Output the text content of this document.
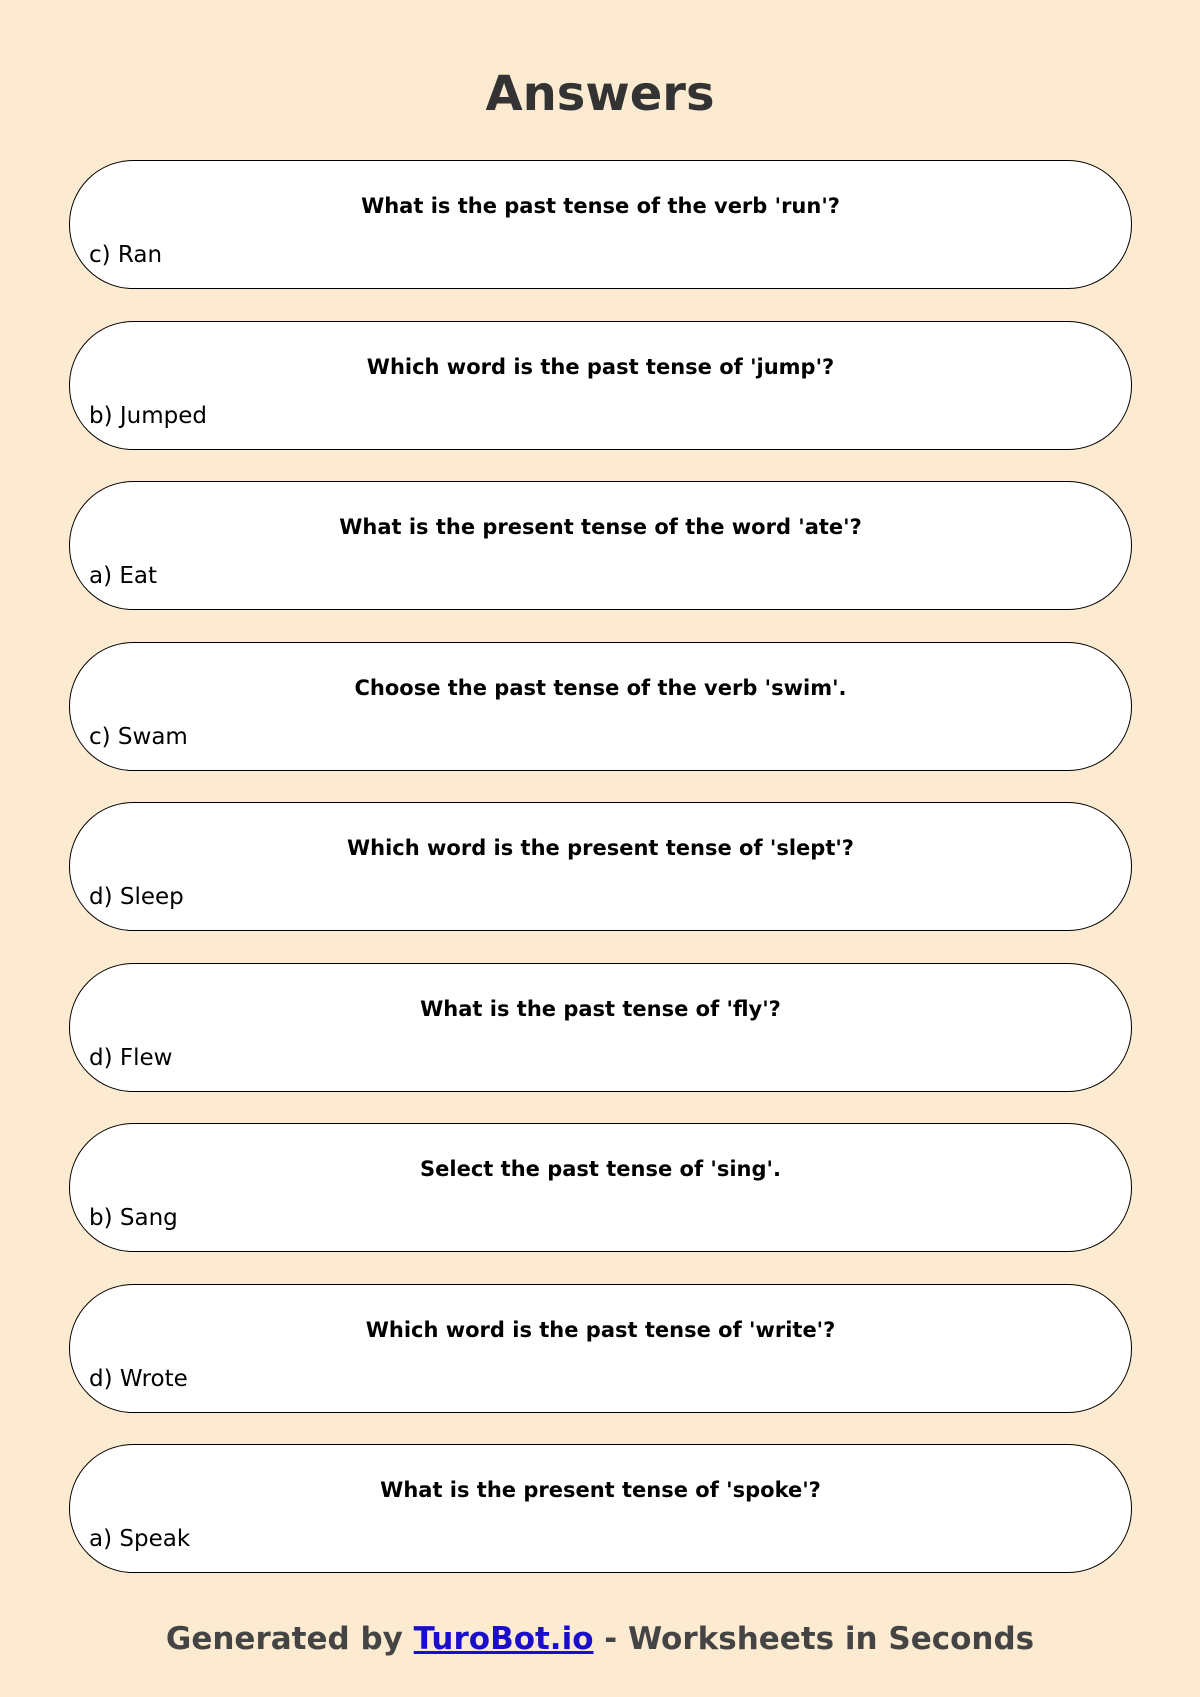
Answers
What is the past tense of the verb 'run'?
c) Ran
Which word is the past tense of 'jump'?
b) Jumped
What is the present tense of the word 'ate'?
a) Eat
Choose the past tense of the verb 'swim'.
c) Swam
Which word is the present tense of 'slept'?
d) Sleep
What is the past tense of 'fly'?
d) Flew
Select the past tense of 'sing'.
b) Sang
Which word is the past tense of 'write'?
d) Wrote
What is the present tense of 'spoke'?
a) Speak
Generated by TuroBot.io - Worksheets in Seconds
